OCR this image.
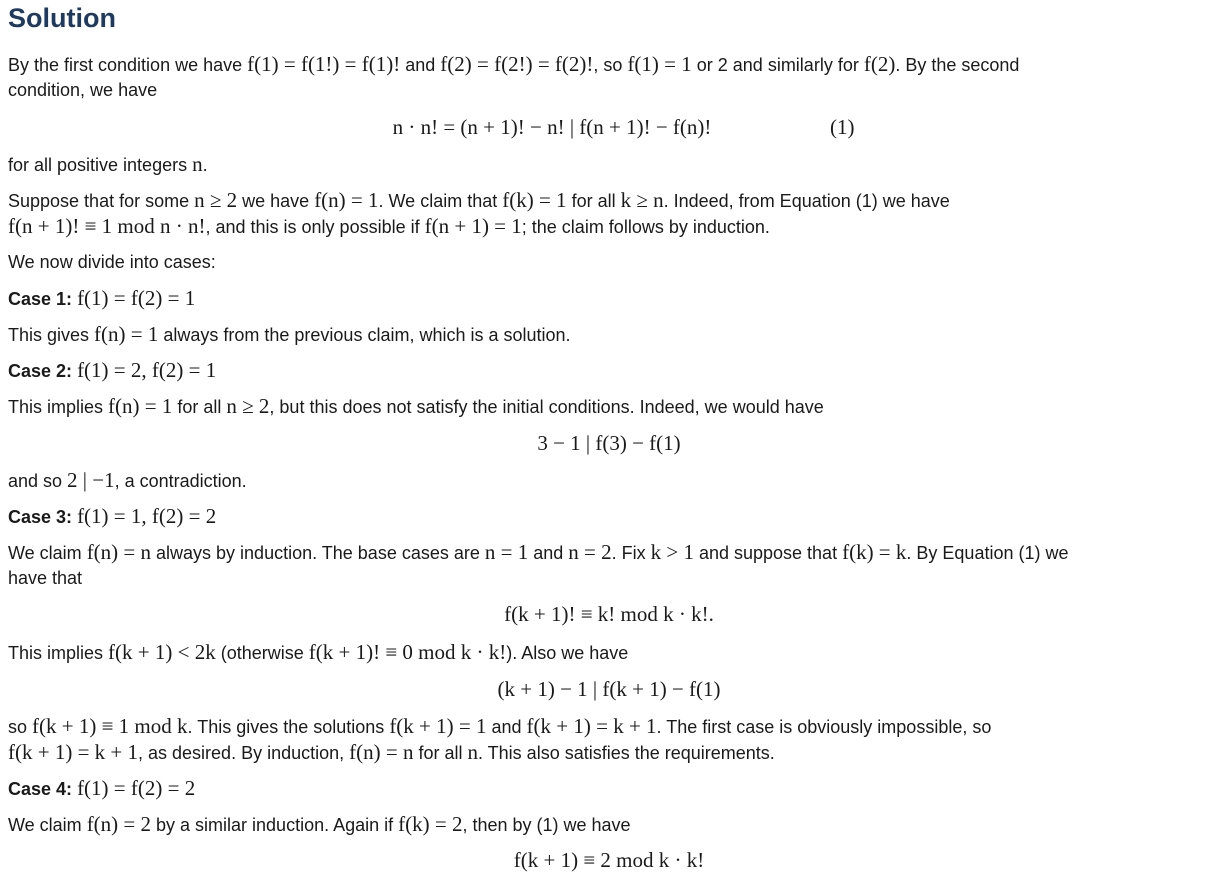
Solution
By the first condition we have f(1) = f(1!) = f(1)! and f(2) = f(2!) = f(2)!, so f(1) = 1 or 2 and similarly for f(2). By the second
condition, we have
n · n! = (n + 1)! − n! | f(n + 1)! − f(n)!	(1)
for all positive integers n.
Suppose that for some n ≥ 2 we have f(n) = 1. We claim that f(k) = 1 for all k ≥ n. Indeed, from Equation (1) we have
f(n + 1)! ≡ 1 mod n · n!, and this is only possible if f(n + 1) = 1; the claim follows by induction.
We now divide into cases:
Case 1: f(1) = f(2) = 1
This gives f(n) = 1 always from the previous claim, which is a solution.
Case 2: f(1) = 2, f(2) = 1
This implies f(n) = 1 for all n ≥ 2, but this does not satisfy the initial conditions. Indeed, we would have
3 − 1 | f(3) − f(1)
and so 2 | −1, a contradiction.
Case 3: f(1) = 1, f(2) = 2
We claim f(n) = n always by induction. The base cases are n = 1 and n = 2. Fix k > 1 and suppose that f(k) = k. By Equation (1) we
have that
f(k + 1)! ≡ k! mod k · k!.
This implies f(k + 1) < 2k (otherwise f(k + 1)! ≡ 0 mod k · k!). Also we have
(k + 1) − 1 | f(k + 1) − f(1)
so f(k + 1) ≡ 1 mod k. This gives the solutions f(k + 1) = 1 and f(k + 1) = k + 1. The first case is obviously impossible, so
f(k + 1) = k + 1, as desired. By induction, f(n) = n for all n. This also satisfies the requirements.
Case 4: f(1) = f(2) = 2
We claim f(n) = 2 by a similar induction. Again if f(k) = 2, then by (1) we have
f(k + 1) ≡ 2 mod k · k!
